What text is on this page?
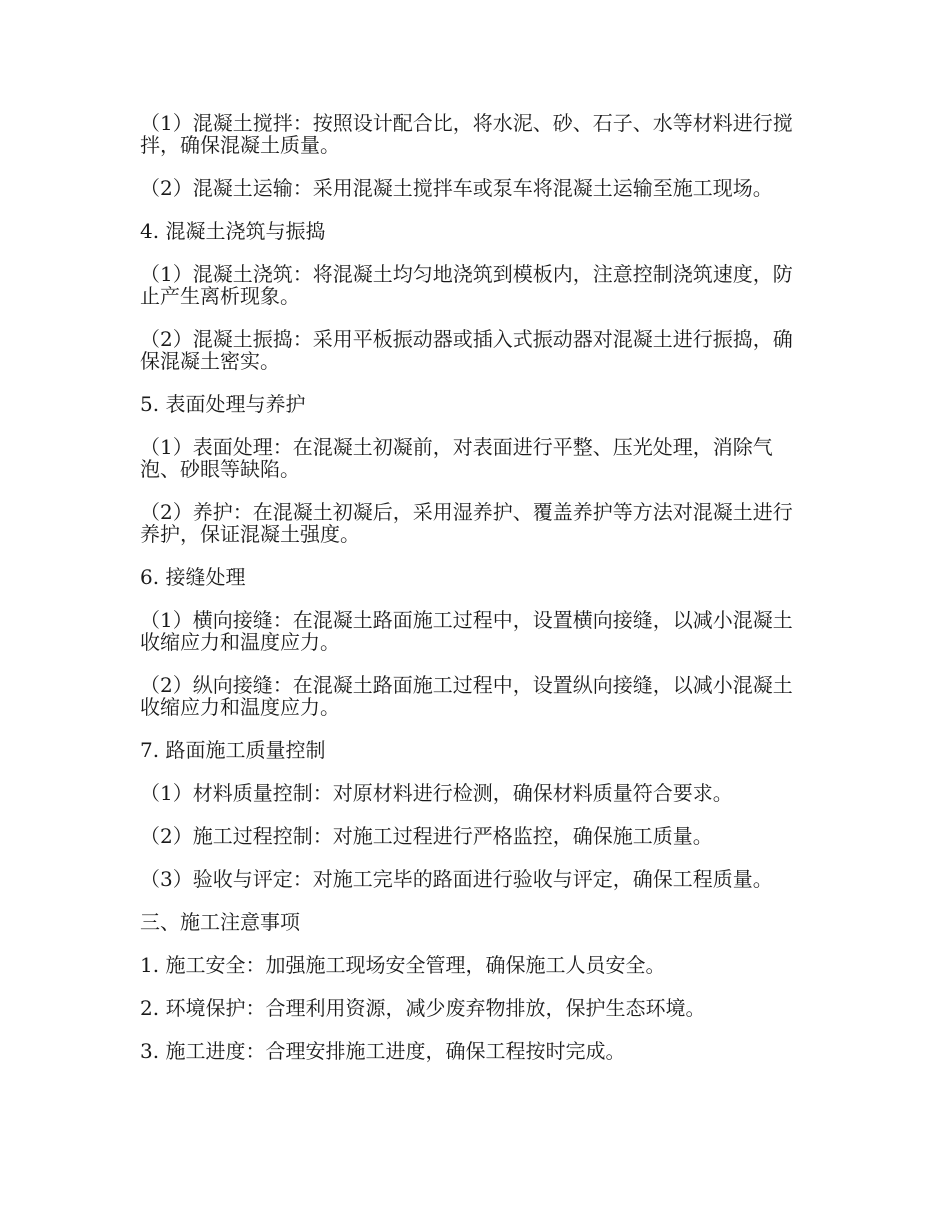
（1）混凝土搅拌：按照设计配合比，将水泥、砂、石子、水等材料进行搅拌，确保混凝土质量。

（2）混凝土运输：采用混凝土搅拌车或泵车将混凝土运输至施工现场。

4. 混凝土浇筑与振捣

（1）混凝土浇筑：将混凝土均匀地浇筑到模板内，注意控制浇筑速度，防止产生离析现象。

（2）混凝土振捣：采用平板振动器或插入式振动器对混凝土进行振捣，确保混凝土密实。

5. 表面处理与养护

（1）表面处理：在混凝土初凝前，对表面进行平整、压光处理，消除气泡、砂眼等缺陷。

（2）养护：在混凝土初凝后，采用湿养护、覆盖养护等方法对混凝土进行养护，保证混凝土强度。

6. 接缝处理

（1）横向接缝：在混凝土路面施工过程中，设置横向接缝，以减小混凝土收缩应力和温度应力。

（2）纵向接缝：在混凝土路面施工过程中，设置纵向接缝，以减小混凝土收缩应力和温度应力。

7. 路面施工质量控制

（1）材料质量控制：对原材料进行检测，确保材料质量符合要求。

（2）施工过程控制：对施工过程进行严格监控，确保施工质量。

（3）验收与评定：对施工完毕的路面进行验收与评定，确保工程质量。

三、施工注意事项

1. 施工安全：加强施工现场安全管理，确保施工人员安全。

2. 环境保护：合理利用资源，减少废弃物排放，保护生态环境。

3. 施工进度：合理安排施工进度，确保工程按时完成。
